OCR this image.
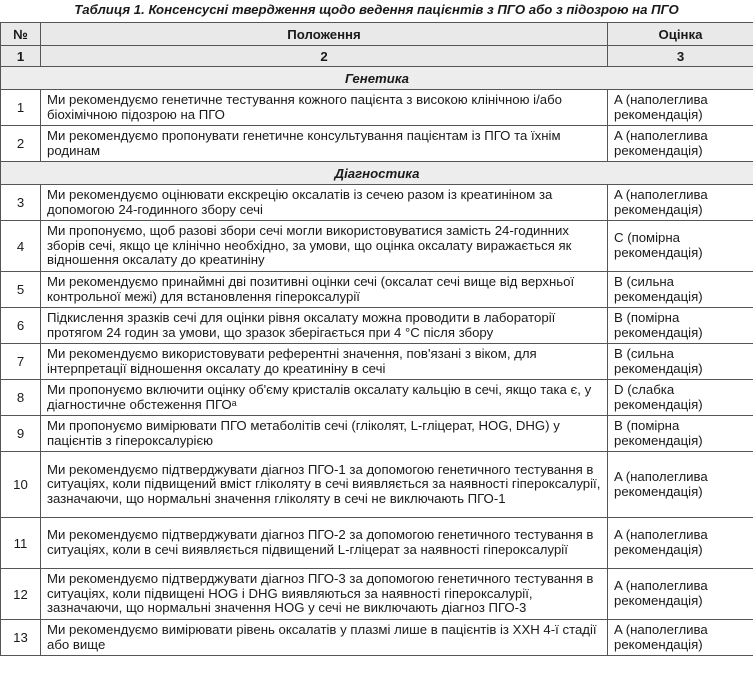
Таблиця 1. Консенсусні твердження щодо ведення пацієнтів з ПГО або з підозрою на ПГО
№	Положення	Оцінка
1	2	3
Генетика		
1	Ми рекомендуємо генетичне тестування кожного пацієнта з високою клінічною і/або біохімічною підозрою на ПГО	A (наполеглива рекомендація)
2	Ми рекомендуємо пропонувати генетичне консультування пацієнтам із ПГО та їхнім родинам	A (наполеглива рекомендація)
Діагностика		
3	Ми рекомендуємо оцінювати екскрецію оксалатів із сечею разом із креатиніном за допомогою 24-годинного збору сечі	A (наполеглива рекомендація)
4	Ми пропонуємо, щоб разові збори сечі могли використовуватися замість 24-годинних зборів сечі, якщо це клінічно необхідно, за умови, що оцінка оксалату виражається як відношення оксалату до креатиніну	C (помірна рекомендація)
5	Ми рекомендуємо принаймні дві позитивні оцінки сечі (оксалат сечі вище від верхньої контрольної межі) для встановлення гіпероксалурії	B (сильна рекомендація)
6	Підкислення зразків сечі для оцінки рівня оксалату можна проводити в лабораторії протягом 24 годин за умови, що зразок зберігається при 4 °C після збору	B (помірна рекомендація)
7	Ми рекомендуємо використовувати референтні значення, пов'язані з віком, для інтерпретації відношення оксалату до креатиніну в сечі	B (сильна рекомендація)
8	Ми пропонуємо включити оцінку об'єму кристалів оксалату кальцію в сечі, якщо така є, у діагностичне обстеження ПГОᵃ	D (слабка рекомендація)
9	Ми пропонуємо вимірювати ПГО метаболітів сечі (гліколят, L-гліцерат, HOG, DHG) у пацієнтів з гіпероксалурією	B (помірна рекомендація)
10	Ми рекомендуємо підтверджувати діагноз ПГО-1 за допомогою генетичного тестування в ситуаціях, коли підвищений вміст гліколяту в сечі виявляється за наявності гіпероксалурії, зазначаючи, що нормальні значення гліколяту в сечі не виключають ПГО-1	A (наполеглива рекомендація)
11	Ми рекомендуємо підтверджувати діагноз ПГО-2 за допомогою генетичного тестування в ситуаціях, коли в сечі виявляється підвищений L-гліцерат за наявності гіпероксалурії	A (наполеглива рекомендація)
12	Ми рекомендуємо підтверджувати діагноз ПГО-3 за допомогою генетичного тестування в ситуаціях, коли підвищені HOG і DHG виявляються за наявності гіпероксалурії, зазначаючи, що нормальні значення HOG у сечі не виключають діагноз ПГО-3	A (наполеглива рекомендація)
13	Ми рекомендуємо вимірювати рівень оксалатів у плазмі лише в пацієнтів із ХХН 4-ї стадії або вище	A (наполеглива рекомендація)
